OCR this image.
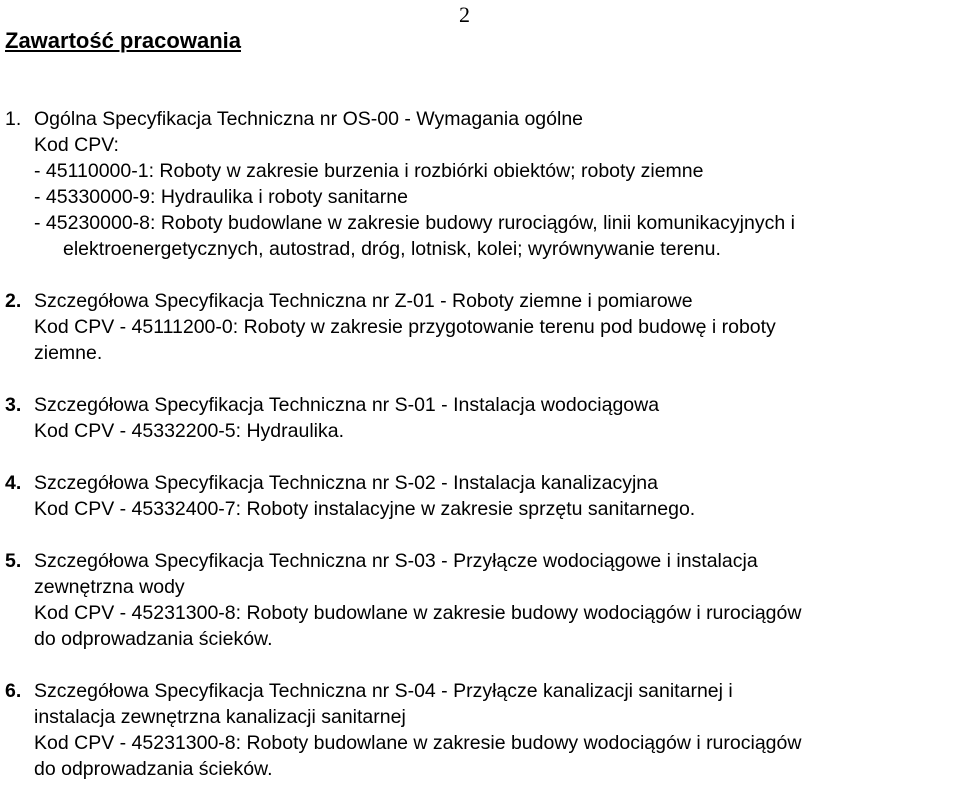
2
Zawartość pracowania
1. Ogólna Specyfikacja Techniczna nr OS-00 - Wymagania ogólne
Kod CPV:
- 45110000-1: Roboty w zakresie burzenia i rozbiórki obiektów; roboty ziemne
- 45330000-9: Hydraulika i roboty sanitarne
- 45230000-8: Roboty budowlane w zakresie budowy rurociągów, linii komunikacyjnych i
elektroenergetycznych, autostrad, dróg, lotnisk, kolei; wyrównywanie terenu.
2. Szczegółowa Specyfikacja Techniczna nr Z-01 - Roboty ziemne i pomiarowe
Kod CPV - 45111200-0: Roboty w zakresie przygotowanie terenu pod budowę i roboty
ziemne.
3. Szczegółowa Specyfikacja Techniczna nr S-01 - Instalacja wodociągowa
Kod CPV - 45332200-5: Hydraulika.
4. Szczegółowa Specyfikacja Techniczna nr S-02 - Instalacja kanalizacyjna
Kod CPV - 45332400-7: Roboty instalacyjne w zakresie sprzętu sanitarnego.
5. Szczegółowa Specyfikacja Techniczna nr S-03 - Przyłącze wodociągowe i instalacja
zewnętrzna wody
Kod CPV - 45231300-8: Roboty budowlane w zakresie budowy wodociągów i rurociągów
do odprowadzania ścieków.
6. Szczegółowa Specyfikacja Techniczna nr S-04 - Przyłącze kanalizacji sanitarnej i
instalacja zewnętrzna kanalizacji sanitarnej
Kod CPV - 45231300-8: Roboty budowlane w zakresie budowy wodociągów i rurociągów
do odprowadzania ścieków.
